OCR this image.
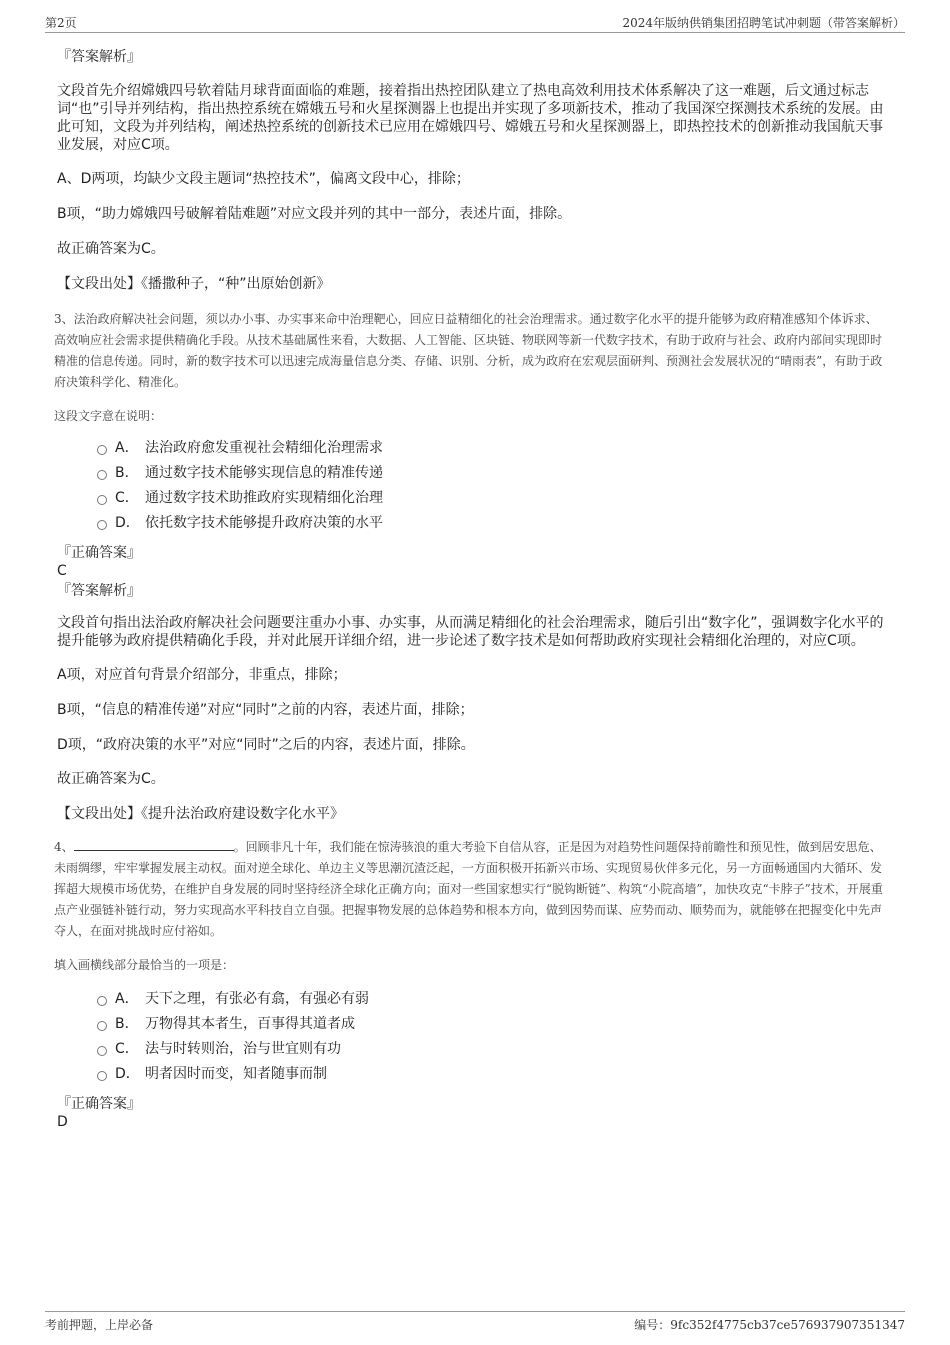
第2页	2024年版纳供销集团招聘笔试冲刺题（带答案解析）

『答案解析』

文段首先介绍嫦娥四号软着陆月球背面面临的难题，接着指出热控团队建立了热电高效利用技术体系解决了这一难题，后文通过标志词“也”引导并列结构，指出热控系统在嫦娥五号和火星探测器上也提出并实现了多项新技术，推动了我国深空探测技术系统的发展。由此可知，文段为并列结构，阐述热控系统的创新技术已应用在嫦娥四号、嫦娥五号和火星探测器上，即热控技术的创新推动我国航天事业发展，对应C项。

A、D两项，均缺少文段主题词“热控技术”，偏离文段中心，排除；

B项，“助力嫦娥四号破解着陆难题”对应文段并列的其中一部分，表述片面，排除。

故正确答案为C。

【文段出处】《播撒种子，“种”出原始创新》

3、法治政府解决社会问题，须以办小事、办实事来命中治理靶心，回应日益精细化的社会治理需求。通过数字化水平的提升能够为政府精准感知个体诉求、高效响应社会需求提供精确化手段。从技术基础属性来看，大数据、人工智能、区块链、物联网等新一代数字技术，有助于政府与社会、政府内部间实现即时精准的信息传递。同时，新的数字技术可以迅速完成海量信息分类、存储、识别、分析，成为政府在宏观层面研判、预测社会发展状况的“晴雨表”，有助于政府决策科学化、精准化。

这段文字意在说明：

A． 法治政府愈发重视社会精细化治理需求
B． 通过数字技术能够实现信息的精准传递
C． 通过数字技术助推政府实现精细化治理
D． 依托数字技术能够提升政府决策的水平

『正确答案』

C

『答案解析』

文段首句指出法治政府解决社会问题要注重办小事、办实事，从而满足精细化的社会治理需求，随后引出“数字化”，强调数字化水平的提升能够为政府提供精确化手段，并对此展开详细介绍，进一步论述了数字技术是如何帮助政府实现社会精细化治理的，对应C项。

A项，对应首句背景介绍部分，非重点，排除；

B项，“信息的精准传递”对应“同时”之前的内容，表述片面，排除；

D项，“政府决策的水平”对应“同时”之后的内容，表述片面，排除。

故正确答案为C。

【文段出处】《提升法治政府建设数字化水平》

4、	。回顾非凡十年，我们能在惊涛骇浪的重大考验下自信从容，正是因为对趋势性问题保持前瞻性和预见性，做到居安思危、未雨绸缪，牢牢掌握发展主动权。面对逆全球化、单边主义等思潮沉渣泛起，一方面积极开拓新兴市场、实现贸易伙伴多元化，另一方面畅通国内大循环、发挥超大规模市场优势，在维护自身发展的同时坚持经济全球化正确方向；面对一些国家想实行“脱钩断链”、构筑“小院高墙”，加快攻克“卡脖子”技术，开展重点产业强链补链行动，努力实现高水平科技自立自强。把握事物发展的总体趋势和根本方向，做到因势而谋、应势而动、顺势而为，就能够在把握变化中先声夺人，在面对挑战时应付裕如。

填入画横线部分最恰当的一项是：

A． 天下之理，有张必有翕，有强必有弱
B． 万物得其本者生，百事得其道者成
C． 法与时转则治，治与世宜则有功
D． 明者因时而变，知者随事而制

『正确答案』

D

考前押题，上岸必备	编号：9fc352f4775cb37ce576937907351347
